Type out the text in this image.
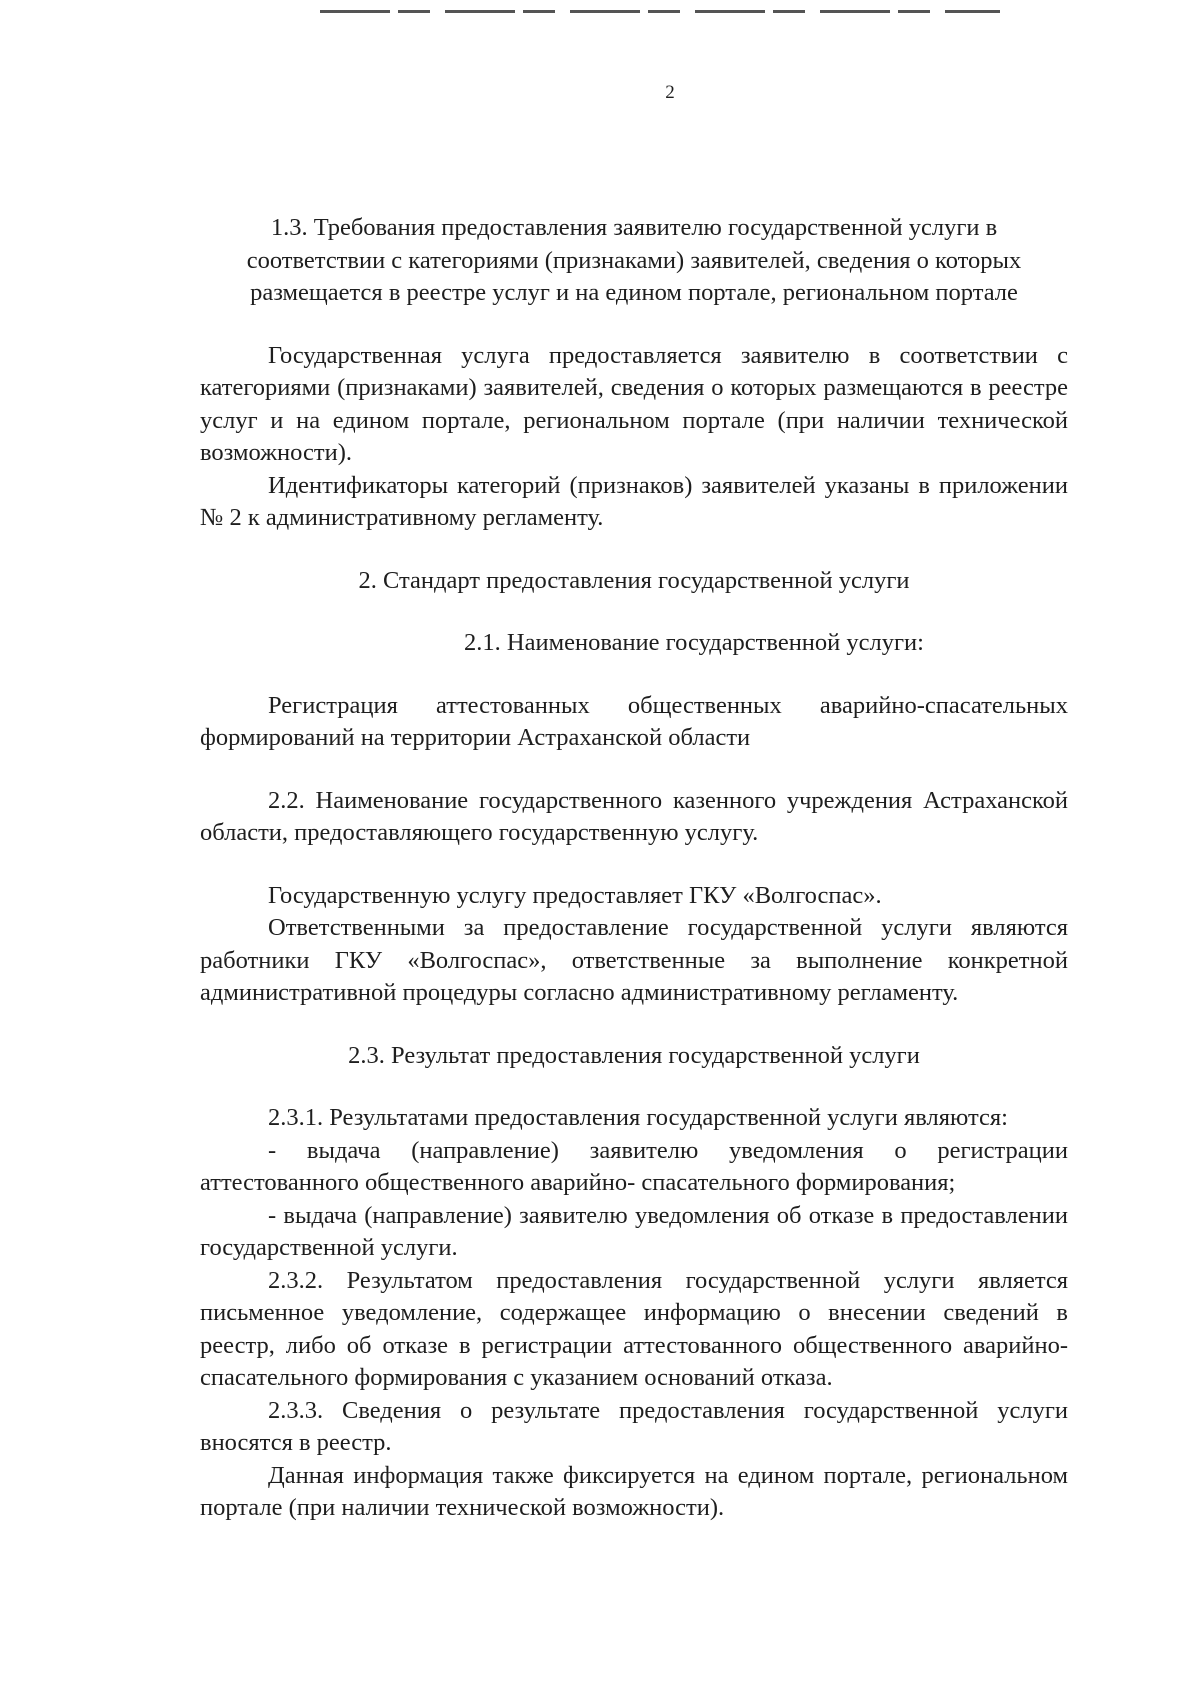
2

1.3. Требования предоставления заявителю государственной услуги в соответствии с категориями (признаками) заявителей, сведения о которых размещается в реестре услуг и на едином портале, региональном портале

Государственная услуга предоставляется заявителю в соответствии с категориями (признаками) заявителей, сведения о которых размещаются в реестре услуг и на едином портале, региональном портале (при наличии технической возможности).

Идентификаторы категорий (признаков) заявителей указаны в приложении № 2 к административному регламенту.

2. Стандарт предоставления государственной услуги

2.1. Наименование государственной услуги:

Регистрация аттестованных общественных аварийно-спасательных формирований на территории Астраханской области

2.2. Наименование государственного казенного учреждения Астраханской области, предоставляющего государственную услугу.

Государственную услугу предоставляет ГКУ «Волгоспас».

Ответственными за предоставление государственной услуги являются работники ГКУ «Волгоспас», ответственные за выполнение конкретной административной процедуры согласно административному регламенту.

2.3. Результат предоставления государственной услуги

2.3.1. Результатами предоставления государственной услуги являются:

- выдача (направление) заявителю уведомления о регистрации аттестованного общественного аварийно- спасательного формирования;

- выдача (направление) заявителю уведомления об отказе в предоставлении государственной услуги.

2.3.2. Результатом предоставления государственной услуги является письменное уведомление, содержащее информацию о внесении сведений в реестр, либо об отказе в регистрации аттестованного общественного аварийно-спасательного формирования с указанием оснований отказа.

2.3.3. Сведения о результате предоставления государственной услуги вносятся в реестр.

Данная информация также фиксируется на едином портале, региональном портале (при наличии технической возможности).
